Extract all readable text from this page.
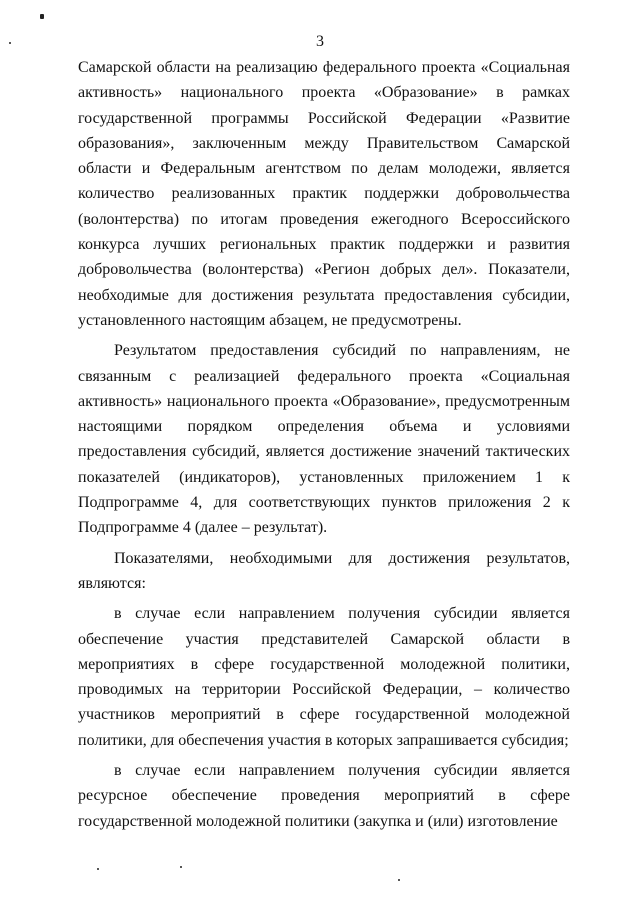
3

Самарской области на реализацию федерального проекта «Социальная активность» национального проекта «Образование» в рамках государственной программы Российской Федерации «Развитие образования», заключенным между Правительством Самарской области и Федеральным агентством по делам молодежи, является количество реализованных практик поддержки добровольчества (волонтерства) по итогам проведения ежегодного Всероссийского конкурса лучших региональных практик поддержки и развития добровольчества (волонтерства) «Регион добрых дел». Показатели, необходимые для достижения результата предоставления субсидии, установленного настоящим абзацем, не предусмотрены.

Результатом предоставления субсидий по направлениям, не связанным с реализацией федерального проекта «Социальная активность» национального проекта «Образование», предусмотренным настоящими порядком определения объема и условиями предоставления субсидий, является достижение значений тактических показателей (индикаторов), установленных приложением 1 к Подпрограмме 4, для соответствующих пунктов приложения 2 к Подпрограмме 4 (далее – результат).

Показателями, необходимыми для достижения результатов, являются:

в случае если направлением получения субсидии является обеспечение участия представителей Самарской области в мероприятиях в сфере государственной молодежной политики, проводимых на территории Российской Федерации, – количество участников мероприятий в сфере государственной молодежной политики, для обеспечения участия в которых запрашивается субсидия;

в случае если направлением получения субсидии является ресурсное обеспечение проведения мероприятий в сфере государственной молодежной политики (закупка и (или) изготовление
